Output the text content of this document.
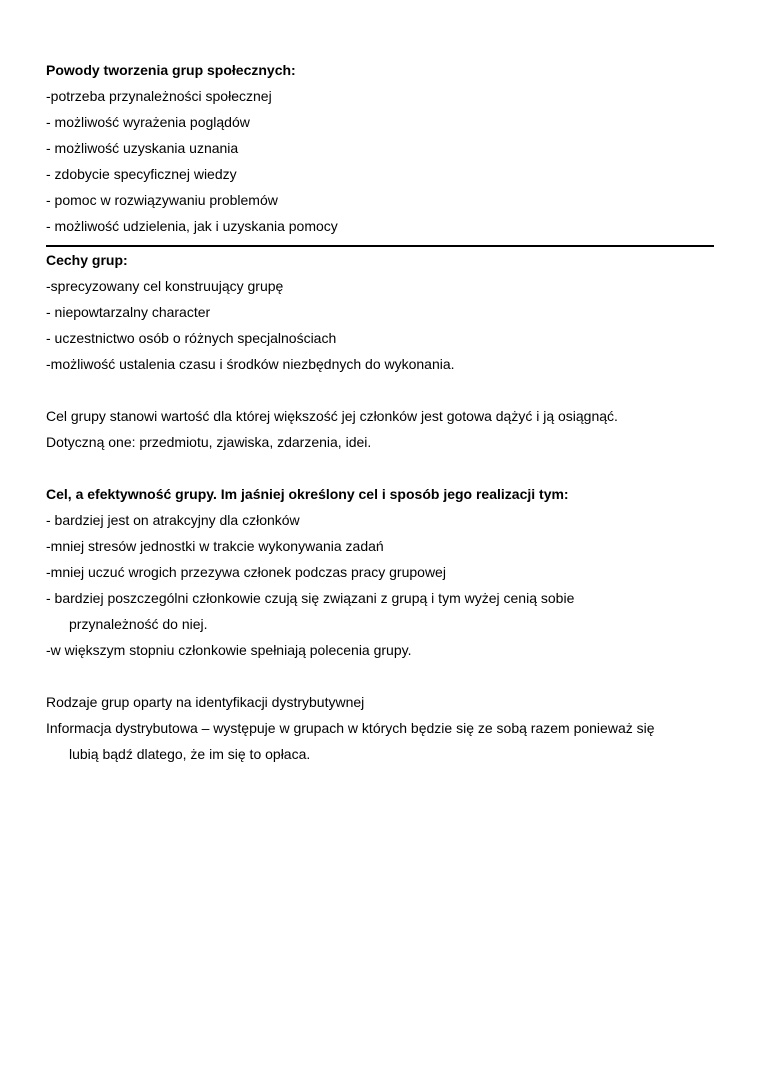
Powody tworzenia grup społecznych:
-potrzeba przynależności społecznej
- możliwość wyrażenia poglądów
- możliwość uzyskania uznania
- zdobycie specyficznej wiedzy
- pomoc w rozwiązywaniu problemów
- możliwość udzielenia, jak i uzyskania pomocy
Cechy grup:
-sprecyzowany cel konstruujący grupę
- niepowtarzalny character
- uczestnictwo osób o różnych specjalnościach
-możliwość ustalenia czasu i środków niezbędnych do wykonania.
Cel grupy stanowi wartość dla której większość jej członków jest gotowa dążyć i ją osiągnąć.
Dotyczną one: przedmiotu, zjawiska, zdarzenia, idei.
Cel, a efektywność grupy. Im jaśniej określony cel i sposób jego realizacji tym:
- bardziej jest on atrakcyjny dla członków
-mniej stresów jednostki w trakcie wykonywania zadań
-mniej uczuć wrogich przezywa członek podczas pracy grupowej
- bardziej poszczególni członkowie czują się związani z grupą i tym wyżej cenią sobie
przynależność do niej.
-w większym stopniu członkowie spełniają polecenia grupy.
Rodzaje grup oparty na identyfikacji dystrybutywnej
Informacja dystrybutowa – występuje w grupach w których będzie się ze sobą razem ponieważ się
lubią bądź dlatego, że im się to opłaca.
